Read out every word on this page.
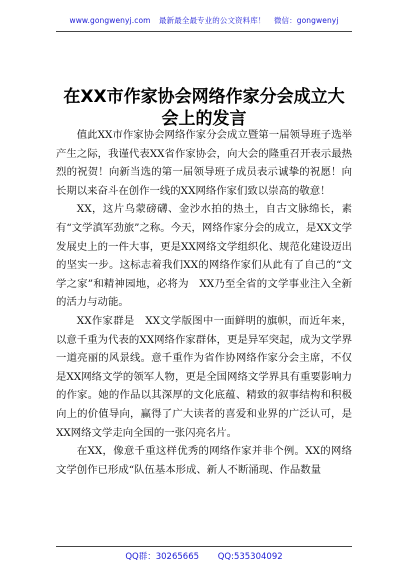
www.gongwenyj.com 最新最全最专业的公文资料库！ 微信：gongwenyj
在XX市作家协会网络作家分会成立大会上的发言

值此XX市作家协会网络作家分会成立暨第一届领导班子选举产生之际，我谨代表XX省作家协会，向大会的隆重召开表示最热烈的祝贺！向新当选的第一届领导班子成员表示诚挚的祝愿！向长期以来奋斗在创作一线的XX网络作家们致以崇高的敬意！

XX，这片乌蒙磅礴、金沙水拍的热土，自古文脉绵长，素有“文学滇军劲旅”之称。今天，网络作家分会的成立，是XX文学发展史上的一件大事，更是XX网络文学组织化、规范化建设迈出的坚实一步。这标志着我们XX的网络作家们从此有了自己的“文学之家”和精神园地，必将为　XX乃至全省的文学事业注入全新的活力与动能。

XX作家群是　XX文学版图中一面鲜明的旗帜，而近年来，以意千重为代表的XX网络作家群体，更是异军突起，成为文学界一道亮丽的风景线。意千重作为省作协网络作家分会主席，不仅是XX网络文学的领军人物，更是全国网络文学界具有重要影响力的作家。她的作品以其深厚的文化底蕴、精致的叙事结构和积极向上的价值导向，赢得了广大读者的喜爱和业界的广泛认可，是XX网络文学走向全国的一张闪亮名片。

在XX，像意千重这样优秀的网络作家并非个例。XX的网络文学创作已形成“队伍基本形成、新人不断涌现、作品数量

QQ群：30265665 QQ:535304092
